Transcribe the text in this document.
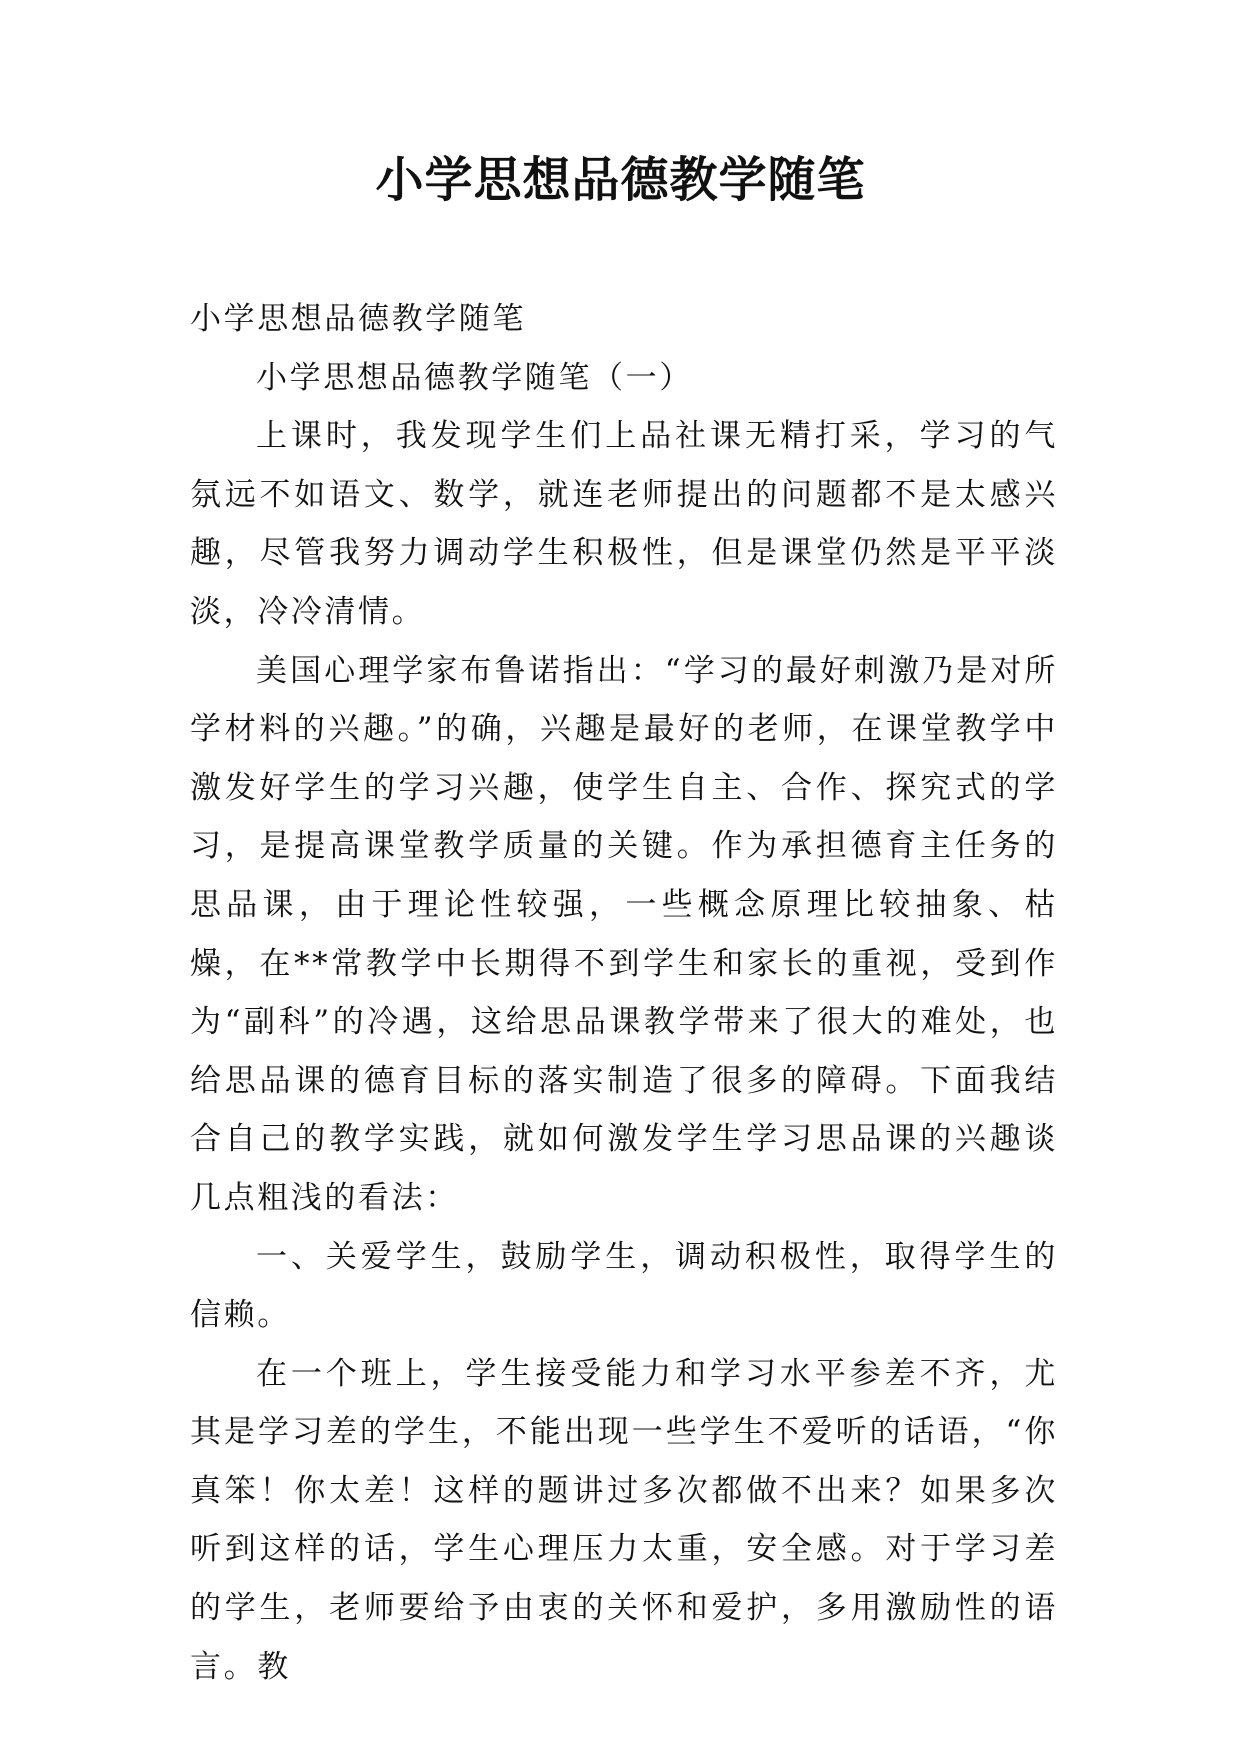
小学思想品德教学随笔

小学思想品德教学随笔

小学思想品德教学随笔（一）

上课时，我发现学生们上品社课无精打采，学习的气氛远不如语文、数学，就连老师提出的问题都不是太感兴趣，尽管我努力调动学生积极性，但是课堂仍然是平平淡淡，冷冷清情。

美国心理学家布鲁诺指出：“学习的最好刺激乃是对所学材料的兴趣。”的确，兴趣是最好的老师，在课堂教学中激发好学生的学习兴趣，使学生自主、合作、探究式的学习，是提高课堂教学质量的关键。作为承担德育主任务的思品课，由于理论性较强，一些概念原理比较抽象、枯燥，在**常教学中长期得不到学生和家长的重视，受到作为“副科”的冷遇，这给思品课教学带来了很大的难处，也给思品课的德育目标的落实制造了很多的障碍。下面我结合自己的教学实践，就如何激发学生学习思品课的兴趣谈几点粗浅的看法：

一、关爱学生，鼓励学生，调动积极性，取得学生的信赖。

在一个班上，学生接受能力和学习水平参差不齐，尤其是学习差的学生，不能出现一些学生不爱听的话语，“你真笨！你太差！这样的题讲过多次都做不出来？如果多次听到这样的话，学生心理压力太重，安全感。对于学习差的学生，老师要给予由衷的关怀和爱护，多用激励性的语言。教
